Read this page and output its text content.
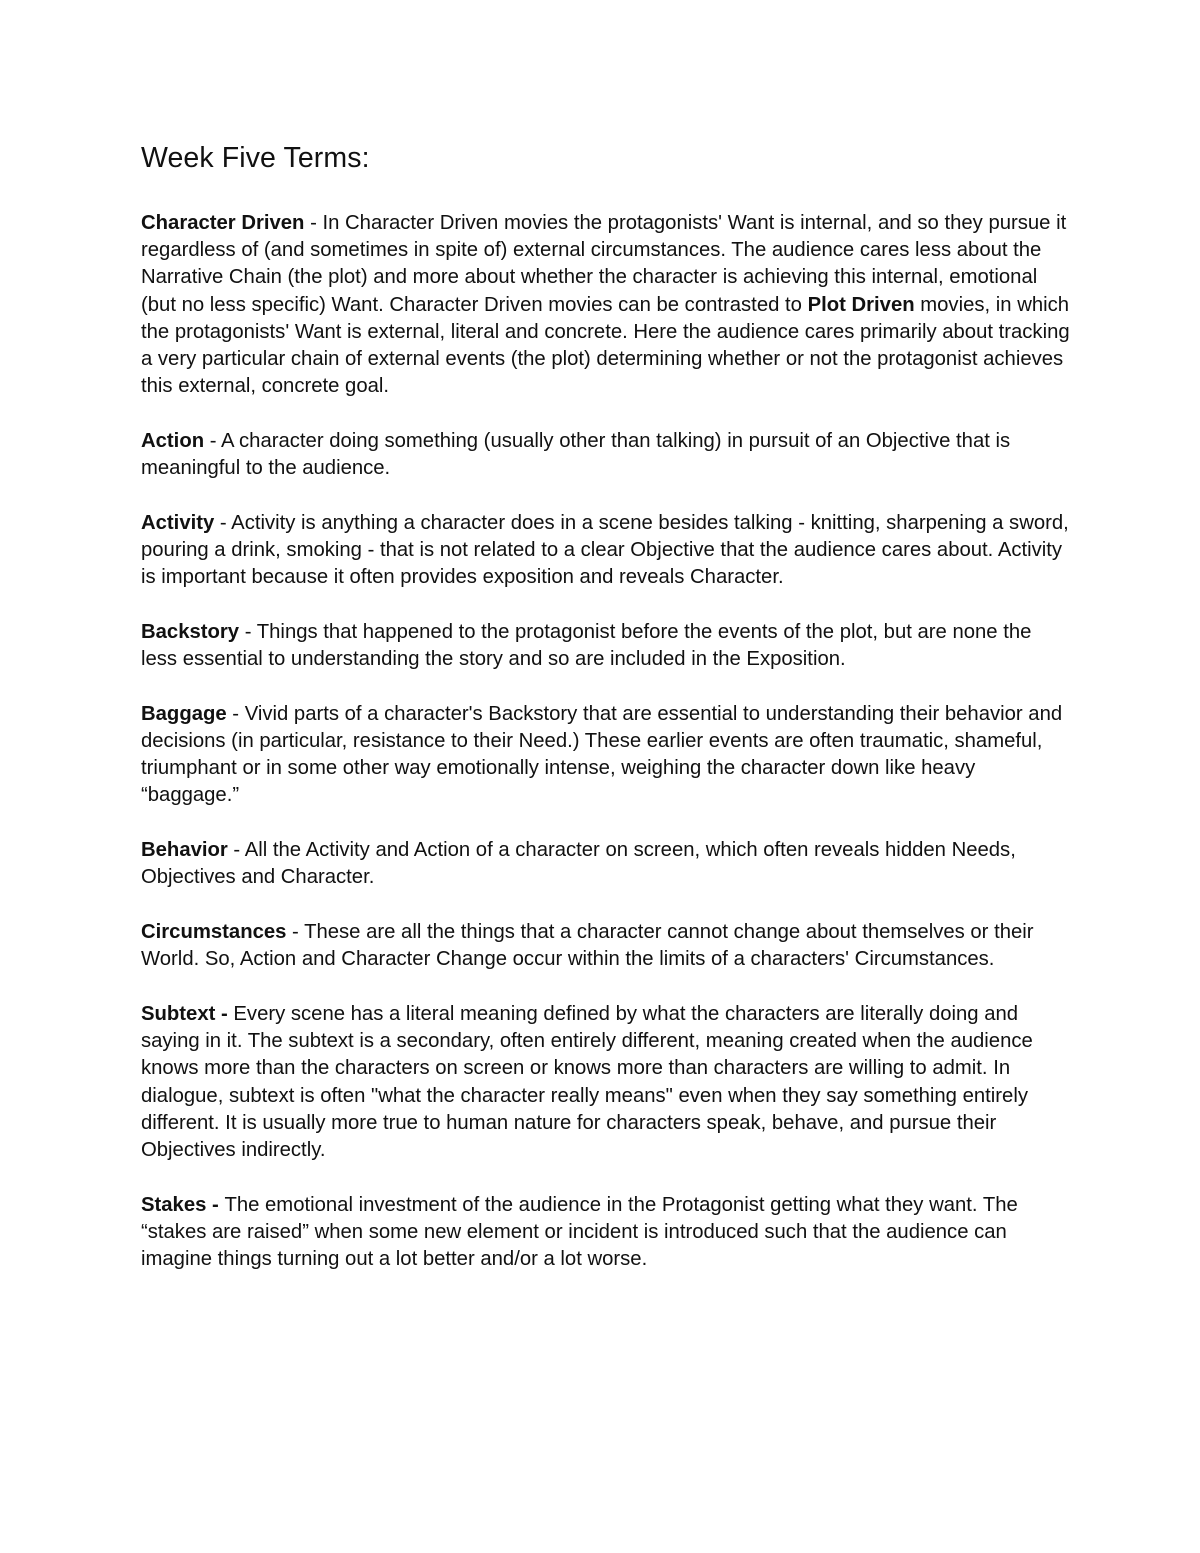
Week Five Terms:

Character Driven - In Character Driven movies the protagonists' Want is internal, and so they pursue it regardless of (and sometimes in spite of) external circumstances. The audience cares less about the Narrative Chain (the plot) and more about whether the character is achieving this internal, emotional (but no less specific) Want. Character Driven movies can be contrasted to Plot Driven movies, in which the protagonists' Want is external, literal and concrete. Here the audience cares primarily about tracking a very particular chain of external events (the plot) determining whether or not the protagonist achieves this external, concrete goal.

Action - A character doing something (usually other than talking) in pursuit of an Objective that is meaningful to the audience.

Activity - Activity is anything a character does in a scene besides talking - knitting, sharpening a sword, pouring a drink, smoking - that is not related to a clear Objective that the audience cares about. Activity is important because it often provides exposition and reveals Character.

Backstory - Things that happened to the protagonist before the events of the plot, but are none the less essential to understanding the story and so are included in the Exposition.

Baggage - Vivid parts of a character's Backstory that are essential to understanding their behavior and decisions (in particular, resistance to their Need.) These earlier events are often traumatic, shameful, triumphant or in some other way emotionally intense, weighing the character down like heavy “baggage.”

Behavior - All the Activity and Action of a character on screen, which often reveals hidden Needs, Objectives and Character.

Circumstances - These are all the things that a character cannot change about themselves or their World. So, Action and Character Change occur within the limits of a characters' Circumstances.

Subtext - Every scene has a literal meaning defined by what the characters are literally doing and saying in it. The subtext is a secondary, often entirely different, meaning created when the audience knows more than the characters on screen or knows more than characters are willing to admit. In dialogue, subtext is often "what the character really means" even when they say something entirely different. It is usually more true to human nature for characters speak, behave, and pursue their Objectives indirectly.

Stakes - The emotional investment of the audience in the Protagonist getting what they want. The “stakes are raised” when some new element or incident is introduced such that the audience can imagine things turning out a lot better and/or a lot worse.
